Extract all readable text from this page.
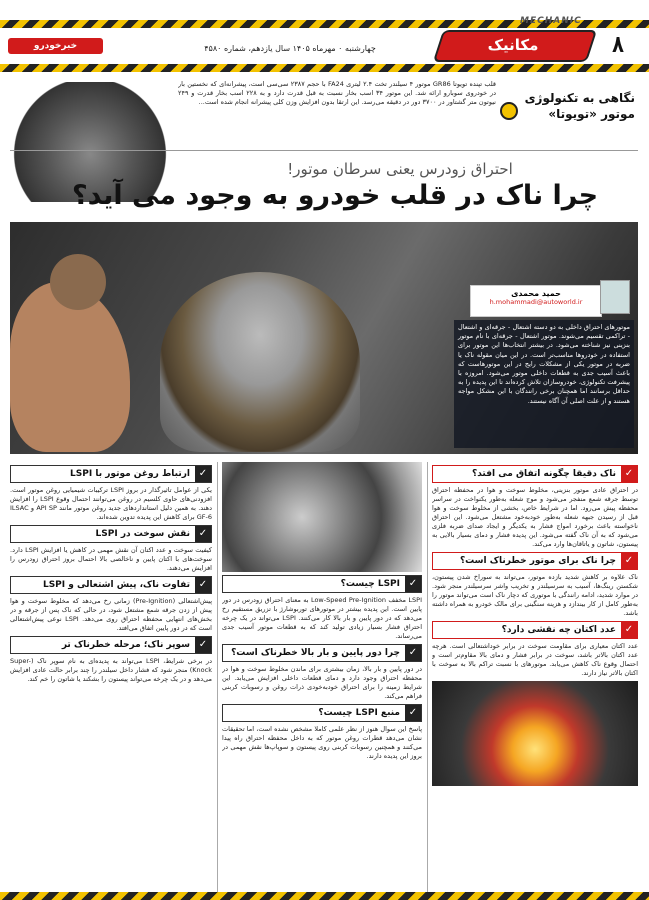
MECHANIC
مکانیک	۸
چهارشنبه ۰ مهرماه ۱۴۰۵ سال یازدهم، شماره ۴۵۸۰
خبرخودرو
قلب تپنده تویوتا GR86 موتور ۴ سیلندر تخت ۲.۴ لیتری FA24 با حجم ۲۳۸۷ سی‌سی است، پیشرانه‌ای که نخستین بار در خودروی سوبارو ارائه شد. این موتور ۳۴ اسب بخار نسبت به قبل قدرت دارد و به ۲۲۸ اسب بخار قدرت و ۲۴۹ نیوتون متر گشتاور در ۳۷۰۰ دور در دقیقه می‌رسد. این ارتقا بدون افزایش وزن کلی پیشرانه انجام شده است...	نگاهی به تکنولوژی موتور «تویوتا»
احتراق زودرس یعنی سرطان موتور!
چرا ناک در قلب خودرو به وجود می آید؟
حمید محمدی
h.mohammadi@autoworld.ir
موتورهای احتراق داخلی به دو دسته اشتعال - جرقه‌ای و اشتعال - تراکمی تقسیم می‌شوند. موتور اشتعال - جرقه‌ای با نام موتور بنزینی نیز شناخته می‌شود. در بیشتر انتخاب‌ها این موتور برای استفاده در خودروها مناسب‌تر است. در این میان مقوله ناک یا ضربه در موتور یکی از مشکلات رایج در این موتورهاست که باعث آسیب جدی به قطعات داخلی موتور می‌شود. امروزه با پیشرفت تکنولوژی، خودروسازان تلاش کرده‌اند تا این پدیده را به حداقل برسانند اما همچنان برخی رانندگان با این مشکل مواجه هستند و از علت اصلی آن آگاه نیستند.
✓
ناک دقیقا چگونه اتفاق می افتد؟
در احتراق عادی موتور بنزینی، مخلوط سوخت و هوا در محفظه احتراق توسط جرقه شمع منفجر می‌شود و موج شعله به‌طور یکنواخت در سراسر محفظه پیش می‌رود. اما در شرایط خاص، بخشی از مخلوط سوخت و هوا قبل از رسیدن جبهه شعله به‌طور خودبه‌خود مشتعل می‌شود. این احتراق ناخواسته باعث برخورد امواج فشار به یکدیگر و ایجاد صدای ضربه فلزی می‌شود که به آن ناک گفته می‌شود. این پدیده فشار و دمای بسیار بالایی به پیستون، شاتون و یاتاقان‌ها وارد می‌کند.
✓
چرا ناک برای موتور خطرناک است؟
ناک علاوه بر کاهش شدید بازده موتور، می‌تواند به سوراخ شدن پیستون، شکستن رینگ‌ها، آسیب به سرسیلندر و تخریب واشر سرسیلندر منجر شود. در موارد شدید، ادامه رانندگی با موتوری که دچار ناک است می‌تواند موتور را به‌طور کامل از کار بیندازد و هزینه سنگینی برای مالک خودرو به همراه داشته باشد.
✓
عدد اکتان چه نقشی دارد؟
عدد اکتان معیاری برای مقاومت سوخت در برابر خوداشتعالی است. هرچه عدد اکتان بالاتر باشد، سوخت در برابر فشار و دمای بالا مقاوم‌تر است و احتمال وقوع ناک کاهش می‌یابد. موتورهای با نسبت تراکم بالا به سوخت با اکتان بالاتر نیاز دارند.
✓
LSPI چیست؟
LSPI مخفف Low-Speed Pre-Ignition به معنای احتراق زودرس در دور پایین است. این پدیده بیشتر در موتورهای توربوشارژ با تزریق مستقیم رخ می‌دهد که در دور پایین و بار بالا کار می‌کنند. LSPI می‌تواند در یک چرخه احتراق فشار بسیار زیادی تولید کند که به قطعات موتور آسیب جدی می‌رساند.
✓
چرا دور پایین و بار بالا خطرناک است؟
در دور پایین و بار بالا، زمان بیشتری برای ماندن مخلوط سوخت و هوا در محفظه احتراق وجود دارد و دمای قطعات داخلی افزایش می‌یابد. این شرایط زمینه را برای احتراق خودبه‌خودی ذرات روغن و رسوبات کربنی فراهم می‌کند.
✓
منبع LSPI چیست؟
پاسخ این سوال هنوز از نظر علمی کاملا مشخص نشده است، اما تحقیقات نشان می‌دهد قطرات روغن موتور که به داخل محفظه احتراق راه پیدا می‌کنند و همچنین رسوبات کربنی روی پیستون و سوپاپ‌ها نقش مهمی در بروز این پدیده دارند.
✓
ارتباط روغن موتور با LSPI
یکی از عوامل تاثیرگذار در بروز LSPI ترکیبات شیمیایی روغن موتور است. افزودنی‌های حاوی کلسیم در روغن می‌توانند احتمال وقوع LSPI را افزایش دهند. به همین دلیل استانداردهای جدید روغن موتور مانند API SP و ILSAC GF-6 برای کاهش این پدیده تدوین شده‌اند.
✓
نقش سوخت در LSPI
کیفیت سوخت و عدد اکتان آن نقش مهمی در کاهش یا افزایش LSPI دارد. سوخت‌های با اکتان پایین و ناخالصی بالا احتمال بروز احتراق زودرس را افزایش می‌دهند.
✓
تفاوت ناک، پیش اشتعالی و LSPI
پیش‌اشتعالی (Pre-Ignition) زمانی رخ می‌دهد که مخلوط سوخت و هوا پیش از زدن جرقه شمع مشتعل شود، در حالی که ناک پس از جرقه و در بخش‌های انتهایی محفظه احتراق روی می‌دهد. LSPI نوعی پیش‌اشتعالی است که در دور پایین اتفاق می‌افتد.
✓
سوپر ناک؛ مرحله خطرناک تر
در برخی شرایط، LSPI می‌تواند به پدیده‌ای به نام سوپر ناک (Super-Knock) منجر شود که فشار داخل سیلندر را چند برابر حالت عادی افزایش می‌دهد و در یک چرخه می‌تواند پیستون را بشکند یا شاتون را خم کند.
